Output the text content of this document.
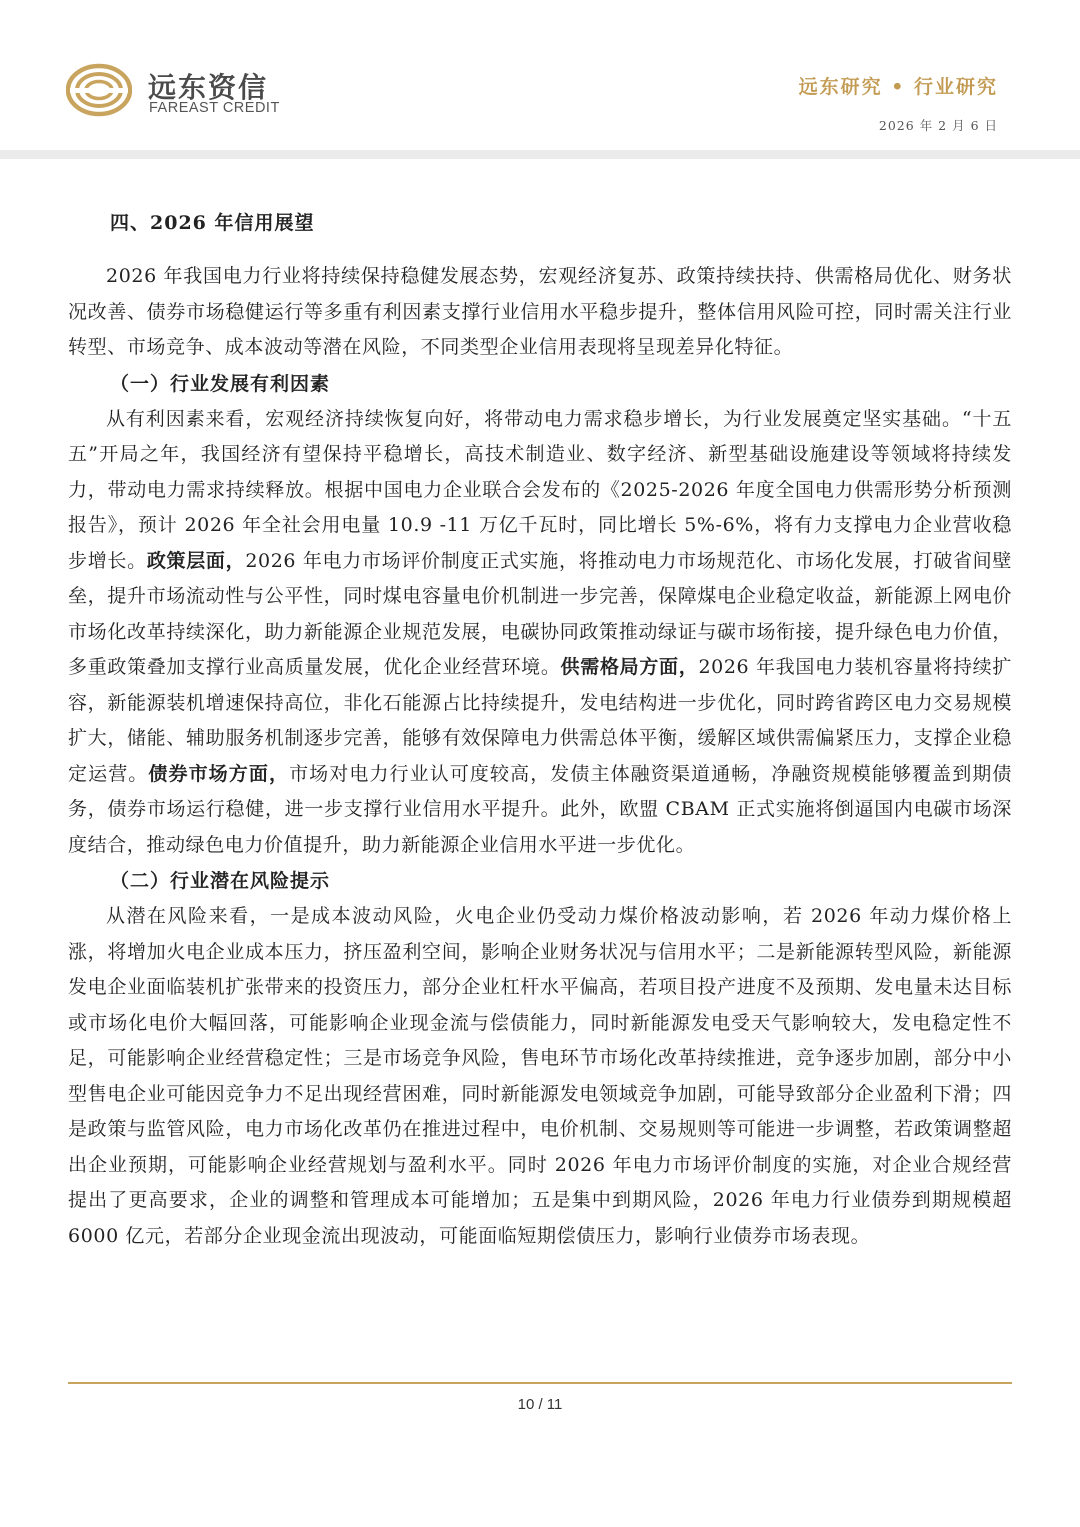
远东资信
FAREAST CREDIT
远东研究 • 行业研究
2026 年 2 月 6 日
四、2026 年信用展望

2026 年我国电力行业将持续保持稳健发展态势，宏观经济复苏、政策持续扶持、供需格局优化、财务状况改善、债券市场稳健运行等多重有利因素支撑行业信用水平稳步提升，整体信用风险可控，同时需关注行业转型、市场竞争、成本波动等潜在风险，不同类型企业信用表现将呈现差异化特征。

（一）行业发展有利因素

从有利因素来看，宏观经济持续恢复向好，将带动电力需求稳步增长，为行业发展奠定坚实基础。“十五五”开局之年，我国经济有望保持平稳增长，高技术制造业、数字经济、新型基础设施建设等领域将持续发力，带动电力需求持续释放。根据中国电力企业联合会发布的《2025-2026 年度全国电力供需形势分析预测报告》，预计 2026 年全社会用电量 10.9 -11 万亿千瓦时，同比增长 5%-6%，将有力支撑电力企业营收稳步增长。政策层面，2026 年电力市场评价制度正式实施，将推动电力市场规范化、市场化发展，打破省间壁垒，提升市场流动性与公平性，同时煤电容量电价机制进一步完善，保障煤电企业稳定收益，新能源上网电价市场化改革持续深化，助力新能源企业规范发展，电碳协同政策推动绿证与碳市场衔接，提升绿色电力价值，多重政策叠加支撑行业高质量发展，优化企业经营环境。供需格局方面，2026 年我国电力装机容量将持续扩容，新能源装机增速保持高位，非化石能源占比持续提升，发电结构进一步优化，同时跨省跨区电力交易规模扩大，储能、辅助服务机制逐步完善，能够有效保障电力供需总体平衡，缓解区域供需偏紧压力，支撑企业稳定运营。债券市场方面，市场对电力行业认可度较高，发债主体融资渠道通畅，净融资规模能够覆盖到期债务，债券市场运行稳健，进一步支撑行业信用水平提升。此外，欧盟 CBAM 正式实施将倒逼国内电碳市场深度结合，推动绿色电力价值提升，助力新能源企业信用水平进一步优化。

（二）行业潜在风险提示

从潜在风险来看，一是成本波动风险，火电企业仍受动力煤价格波动影响，若 2026 年动力煤价格上涨，将增加火电企业成本压力，挤压盈利空间，影响企业财务状况与信用水平；二是新能源转型风险，新能源发电企业面临装机扩张带来的投资压力，部分企业杠杆水平偏高，若项目投产进度不及预期、发电量未达目标或市场化电价大幅回落，可能影响企业现金流与偿债能力，同时新能源发电受天气影响较大，发电稳定性不足，可能影响企业经营稳定性；三是市场竞争风险，售电环节市场化改革持续推进，竞争逐步加剧，部分中小型售电企业可能因竞争力不足出现经营困难，同时新能源发电领域竞争加剧，可能导致部分企业盈利下滑；四是政策与监管风险，电力市场化改革仍在推进过程中，电价机制、交易规则等可能进一步调整，若政策调整超出企业预期，可能影响企业经营规划与盈利水平。同时 2026 年电力市场评价制度的实施，对企业合规经营提出了更高要求，企业的调整和管理成本可能增加；五是集中到期风险，2026 年电力行业债券到期规模超 6000 亿元，若部分企业现金流出现波动，可能面临短期偿债压力，影响行业债券市场表现。

10 / 11
